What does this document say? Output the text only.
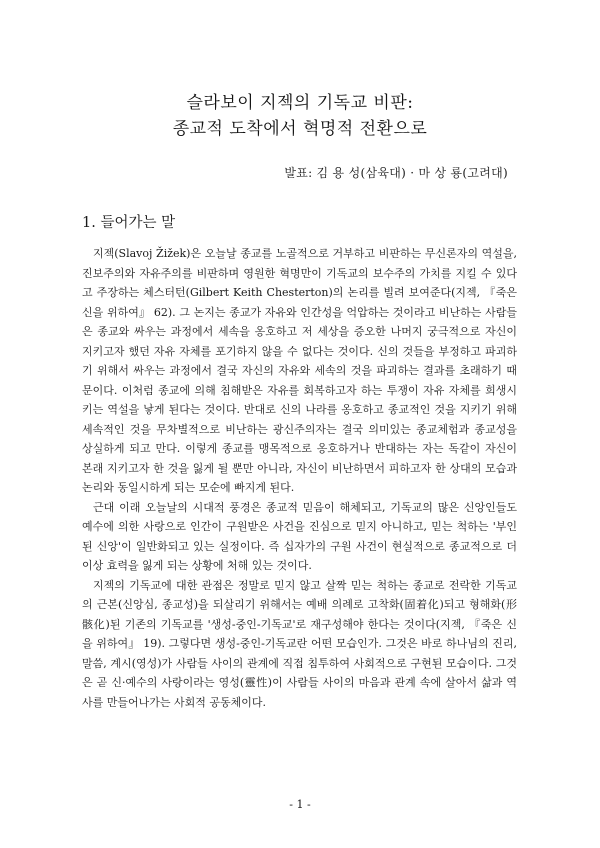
슬라보이 지젝의 기독교 비판:
종교적 도착에서 혁명적 전환으로
발표: 김 용 성(삼육대) · 마 상 룡(고려대)
1. 들어가는 말

지젝(Slavoj Žižek)은 오늘날 종교를 노골적으로 거부하고 비판하는 무신론자의 역설을, 진보주의와 자유주의를 비판하며 영원한 혁명만이 기독교의 보수주의 가치를 지킬 수 있다고 주장하는 체스터턴(Gilbert Keith Chesterton)의 논리를 빌려 보여준다(지젝, 『죽은 신을 위하여』 62). 그 논지는 종교가 자유와 인간성을 억압하는 것이라고 비난하는 사람들은 종교와 싸우는 과정에서 세속을 옹호하고 저 세상을 증오한 나머지 궁극적으로 자신이 지키고자 했던 자유 자체를 포기하지 않을 수 없다는 것이다. 신의 것들을 부정하고 파괴하기 위해서 싸우는 과정에서 결국 자신의 자유와 세속의 것을 파괴하는 결과를 초래하기 때문이다. 이처럼 종교에 의해 침해받은 자유를 회복하고자 하는 투쟁이 자유 자체를 희생시키는 역설을 낳게 된다는 것이다. 반대로 신의 나라를 옹호하고 종교적인 것을 지키기 위해 세속적인 것을 무차별적으로 비난하는 광신주의자는 결국 의미있는 종교체험과 종교성을 상실하게 되고 만다. 이렇게 종교를 맹목적으로 옹호하거나 반대하는 자는 독같이 자신이 본래 지키고자 한 것을 잃게 될 뿐만 아니라, 자신이 비난하면서 피하고자 한 상대의 모습과 논리와 동일시하게 되는 모순에 빠지게 된다.

근대 이래 오늘날의 시대적 풍경은 종교적 믿음이 해체되고, 기독교의 많은 신앙인들도 예수에 의한 사랑으로 인간이 구원받은 사건을 진심으로 믿지 아니하고, 믿는 척하는 '부인된 신앙'이 일반화되고 있는 실정이다. 즉 십자가의 구원 사건이 현실적으로 종교적으로 더 이상 효력을 잃게 되는 상황에 처해 있는 것이다.

지젝의 기독교에 대한 관점은 정말로 믿지 않고 살짝 믿는 척하는 종교로 전락한 기독교의 근본(신앙심, 종교성)을 되살리기 위해서는 예배 의례로 고착화(固着化)되고 형해화(形骸化)된 기존의 기독교를 '생성-중인-기독교'로 재구성해야 한다는 것이다(지젝, 『죽은 신을 위하여』 19). 그렇다면 생성-중인-기독교란 어떤 모습인가. 그것은 바로 하나님의 진리, 말씀, 계시(영성)가 사람들 사이의 관계에 직접 침투하여 사회적으로 구현된 모습이다. 그것은 곧 신·예수의 사랑이라는 영성(靈性)이 사람들 사이의 마음과 관계 속에 살아서 삶과 역사를 만들어나가는 사회적 공동체이다.

- 1 -
